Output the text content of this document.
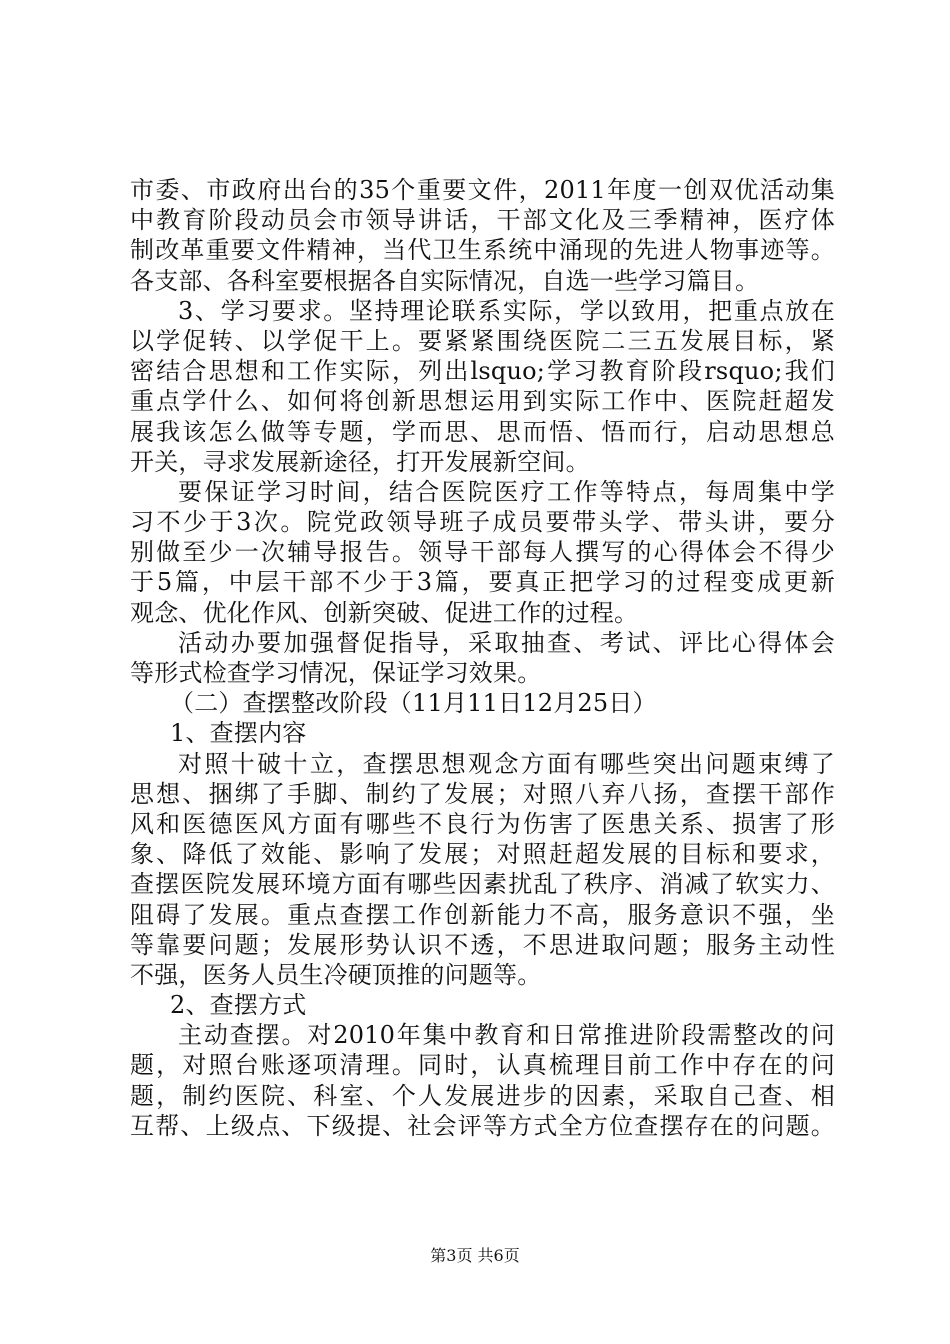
市委、市政府出台的35个重要文件，2011年度一创双优活动集
中教育阶段动员会市领导讲话，干部文化及三季精神，医疗体
制改革重要文件精神，当代卫生系统中涌现的先进人物事迹等。
各支部、各科室要根据各自实际情况，自选一些学习篇目。
3、学习要求。坚持理论联系实际，学以致用，把重点放在
以学促转、以学促干上。要紧紧围绕医院二三五发展目标，紧
密结合思想和工作实际，列出lsquo;学习教育阶段rsquo;我们
重点学什么、如何将创新思想运用到实际工作中、医院赶超发
展我该怎么做等专题，学而思、思而悟、悟而行，启动思想总
开关，寻求发展新途径，打开发展新空间。
要保证学习时间，结合医院医疗工作等特点，每周集中学
习不少于3次。院党政领导班子成员要带头学、带头讲，要分
别做至少一次辅导报告。领导干部每人撰写的心得体会不得少
于5篇，中层干部不少于3篇，要真正把学习的过程变成更新
观念、优化作风、创新突破、促进工作的过程。
活动办要加强督促指导，采取抽查、考试、评比心得体会
等形式检查学习情况，保证学习效果。
（二）查摆整改阶段（11月11日12月25日）
1、查摆内容
对照十破十立，查摆思想观念方面有哪些突出问题束缚了
思想、捆绑了手脚、制约了发展；对照八弃八扬，查摆干部作
风和医德医风方面有哪些不良行为伤害了医患关系、损害了形
象、降低了效能、影响了发展；对照赶超发展的目标和要求，
查摆医院发展环境方面有哪些因素扰乱了秩序、消减了软实力、
阻碍了发展。重点查摆工作创新能力不高，服务意识不强，坐
等靠要问题；发展形势认识不透，不思进取问题；服务主动性
不强，医务人员生冷硬顶推的问题等。
2、查摆方式
主动查摆。对2010年集中教育和日常推进阶段需整改的问
题，对照台账逐项清理。同时，认真梳理目前工作中存在的问
题，制约医院、科室、个人发展进步的因素，采取自己查、相
互帮、上级点、下级提、社会评等方式全方位查摆存在的问题。
第3页 共6页
